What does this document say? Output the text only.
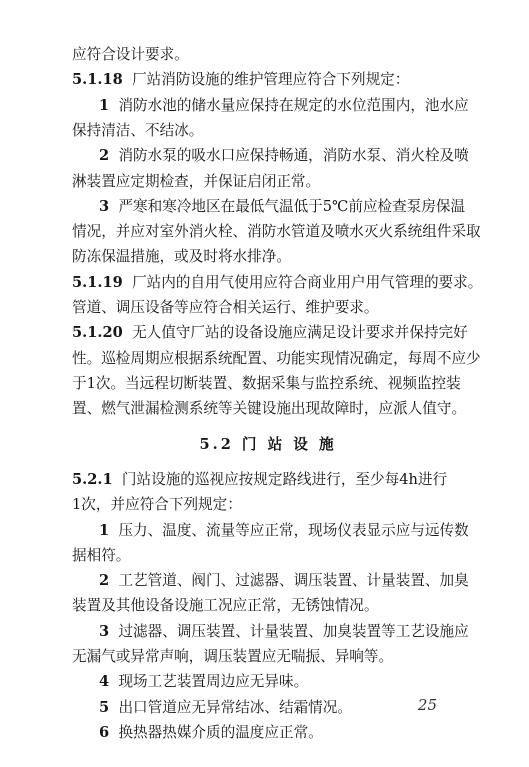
应符合设计要求。
5.1.18 厂站消防设施的维护管理应符合下列规定：
1 消防水池的储水量应保持在规定的水位范围内，池水应
保持清洁、不结冰。
2 消防水泵的吸水口应保持畅通，消防水泵、消火栓及喷
淋装置应定期检查，并保证启闭正常。
3 严寒和寒冷地区在最低气温低于5℃前应检查泵房保温
情况，并应对室外消火栓、消防水管道及喷水灭火系统组件采取
防冻保温措施，或及时将水排净。
5.1.19 厂站内的自用气使用应符合商业用户用气管理的要求。
管道、调压设备等应符合相关运行、维护要求。
5.1.20 无人值守厂站的设备设施应满足设计要求并保持完好
性。巡检周期应根据系统配置、功能实现情况确定，每周不应少
于1次。当远程切断装置、数据采集与监控系统、视频监控装
置、燃气泄漏检测系统等关键设施出现故障时，应派人值守。
5.2 门 站 设 施
5.2.1 门站设施的巡视应按规定路线进行，至少每4h进行
1次，并应符合下列规定：
1 压力、温度、流量等应正常，现场仪表显示应与远传数
据相符。
2 工艺管道、阀门、过滤器、调压装置、计量装置、加臭
装置及其他设备设施工况应正常，无锈蚀情况。
3 过滤器、调压装置、计量装置、加臭装置等工艺设施应
无漏气或异常声响，调压装置应无喘振、异响等。
4 现场工艺装置周边应无异味。
5 出口管道应无异常结冰、结霜情况。
6 换热器热媒介质的温度应正常。
25
